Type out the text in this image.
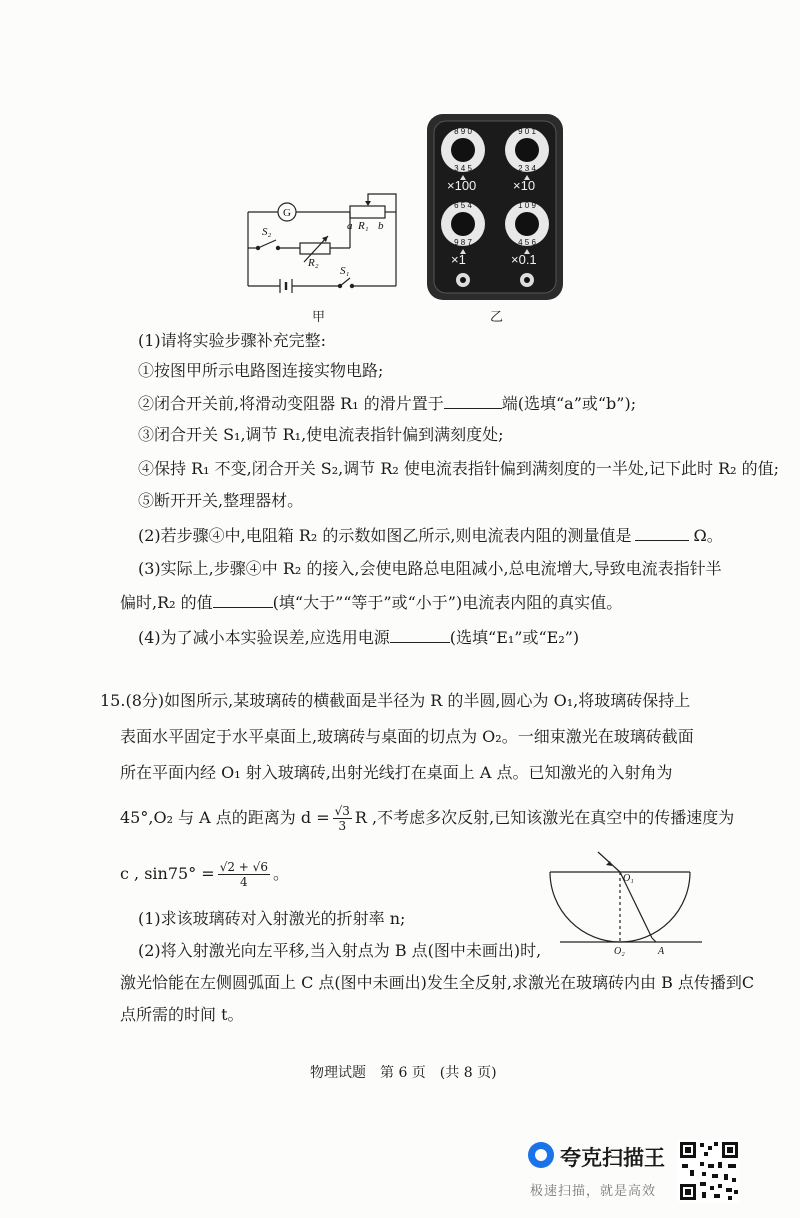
G
a R₁ b
S₂
R₂
S₁
甲
8 9 0
3 4 5
9 0 1
2 3 4
6 5 4
9 8 7
1 0 9
4 5 6
×100	×10
×1	×0.1
乙
(1)请将实验步骤补充完整:
①按图甲所示电路图连接实物电路;
②闭合开关前,将滑动变阻器 R₁ 的滑片置于	端(选填“a”或“b”);
③闭合开关 S₁,调节 R₁,使电流表指针偏到满刻度处;
④保持 R₁ 不变,闭合开关 S₂,调节 R₂ 使电流表指针偏到满刻度的一半处,记下此时 R₂ 的值;
⑤断开开关,整理器材。
(2)若步骤④中,电阻箱 R₂ 的示数如图乙所示,则电流表内阻的测量值是	Ω。
(3)实际上,步骤④中 R₂ 的接入,会使电路总电阻减小,总电流增大,导致电流表指针半
偏时,R₂ 的值	(填“大于”“等于”或“小于”)电流表内阻的真实值。
(4)为了减小本实验误差,应选用电源	(选填“E₁”或“E₂”)
15.(8分)如图所示,某玻璃砖的横截面是半径为 R 的半圆,圆心为 O₁,将玻璃砖保持上
表面水平固定于水平桌面上,玻璃砖与桌面的切点为 O₂。一细束激光在玻璃砖截面
所在平面内经 O₁ 射入玻璃砖,出射光线打在桌面上 A 点。已知激光的入射角为
45°,O₂ 与 A 点的距离为 $d = \frac{√3}{3}$ R ,不考虑多次反射,已知该激光在真空中的传播速度为
c , $\sin 75^\circ = \frac{√2 + √6}{4}$ 。
(1)求该玻璃砖对入射激光的折射率 n;
(2)将入射激光向左平移,当入射点为 B 点(图中未画出)时,
激光恰能在左侧圆弧面上 C 点(图中未画出)发生全反射,求激光在玻璃砖内由 B 点传播到C
点所需的时间 t。
O₁
O₂	A
物理试题　第 6 页　(共 8 页)
夸克扫描王
极速扫描，就是高效
